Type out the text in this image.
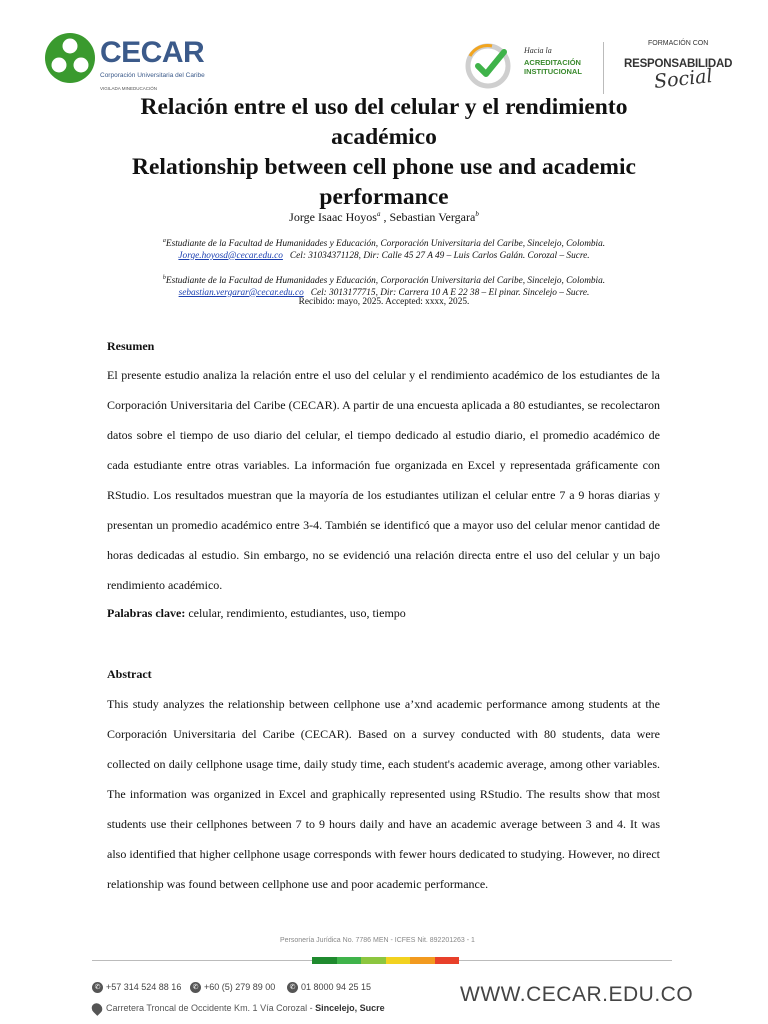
CECAR
Corporación Universitaria del Caribe
VIGILADA MINEDUCACIÓN
Hacia la
ACREDITACIÓN
INSTITUCIONAL
FORMACIÓN CON
RESPONSABILIDAD
Social
Relación entre el uso del celular y el rendimiento académico
Relationship between cell phone use and academic performance
Jorge Isaac Hoyos$^a$ , Sebastian Vergara$^b$
$^a$Estudiante de la Facultad de Humanidades y Educación, Corporación Universitaria del Caribe, Sincelejo, Colombia.
Jorge.hoyosd@cecar.edu.co Cel: 31034371128, Dir: Calle 45 27 A 49 – Luis Carlos Galán. Corozal – Sucre.
$^b$Estudiante de la Facultad de Humanidades y Educación, Corporación Universitaria del Caribe, Sincelejo, Colombia.
sebastian.vergarar@cecar.edu.co Cel: 3013177715, Dir: Carrera 10 A E 22 38 – El pinar. Sincelejo – Sucre.
Recibido: mayo, 2025. Accepted: xxxx, 2025.
Resumen

El presente estudio analiza la relación entre el uso del celular y el rendimiento académico de los estudiantes de la Corporación Universitaria del Caribe (CECAR). A partir de una encuesta aplicada a 80 estudiantes, se recolectaron datos sobre el tiempo de uso diario del celular, el tiempo dedicado al estudio diario, el promedio académico de cada estudiante entre otras variables. La información fue organizada en Excel y representada gráficamente con RStudio. Los resultados muestran que la mayoría de los estudiantes utilizan el celular entre 7 a 9 horas diarias y presentan un promedio académico entre 3-4. También se identificó que a mayor uso del celular menor cantidad de horas dedicadas al estudio. Sin embargo, no se evidenció una relación directa entre el uso del celular y un bajo rendimiento académico.

Palabras clave: celular, rendimiento, estudiantes, uso, tiempo
Abstract

This study analyzes the relationship between cellphone use a’xnd academic performance among students at the Corporación Universitaria del Caribe (CECAR). Based on a survey conducted with 80 students, data were collected on daily cellphone usage time, daily study time, each student's academic average, among other variables. The information was organized in Excel and graphically represented using RStudio. The results show that most students use their cellphones between 7 to 9 hours daily and have an academic average between 3 and 4. It was also identified that higher cellphone usage corresponds with fewer hours dedicated to studying. However, no direct relationship was found between cellphone use and poor academic performance.

Personería Jurídica No. 7786 MEN - ICFES Nit. 892201263 - 1
✆ +57 314 524 88 16	✆ +60 (5) 279 89 00	✆ 01 8000 94 25 15
Carretera Troncal de Occidente Km. 1 Vía Corozal - Sincelejo, Sucre
WWW.CECAR.EDU.CO
